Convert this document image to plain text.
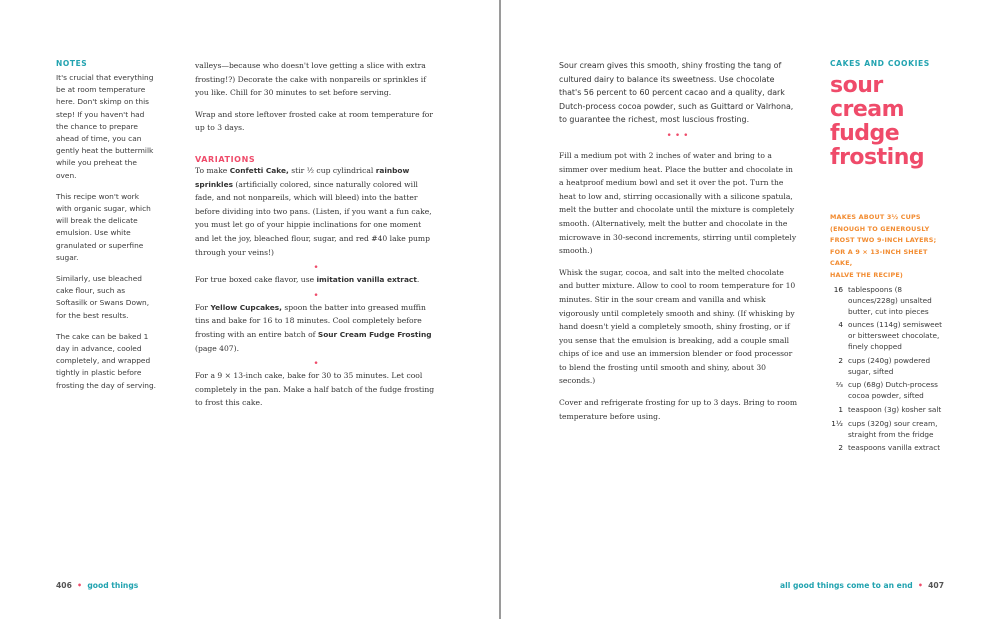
NOTES

It's crucial that everything be at room temperature here. Don't skimp on this step! If you haven't had the chance to prepare ahead of time, you can gently heat the buttermilk while you preheat the oven.

This recipe won't work with organic sugar, which will break the delicate emulsion. Use white granulated or superfine sugar.

Similarly, use bleached cake flour, such as Softasilk or Swans Down, for the best results.

The cake can be baked 1 day in advance, cooled completely, and wrapped tightly in plastic before frosting the day of serving.

valleys—because who doesn't love getting a slice with extra frosting!?) Decorate the cake with nonpareils or sprinkles if you like. Chill for 30 minutes to set before serving.

Wrap and store leftover frosted cake at room temperature for up to 3 days.

VARIATIONS

To make Confetti Cake, stir ½ cup cylindrical rainbow sprinkles (artificially colored, since naturally colored will fade, and not nonpareils, which will bleed) into the batter before dividing into two pans. (Listen, if you want a fun cake, you must let go of your hippie inclinations for one moment and let the joy, bleached flour, sugar, and red #40 lake pump through your veins!)

•

For true boxed cake flavor, use imitation vanilla extract.

•

For Yellow Cupcakes, spoon the batter into greased muffin tins and bake for 16 to 18 minutes. Cool completely before frosting with an entire batch of Sour Cream Fudge Frosting (page 407).

•

For a 9 × 13-inch cake, bake for 30 to 35 minutes. Let cool completely in the pan. Make a half batch of the fudge frosting to frost this cake.

406  •  good things

Sour cream gives this smooth, shiny frosting the tang of cultured dairy to balance its sweetness. Use chocolate that's 56 percent to 60 percent cacao and a quality, dark Dutch-process cocoa powder, such as Guittard or Valrhona, to guarantee the richest, most luscious frosting.

•••

Fill a medium pot with 2 inches of water and bring to a simmer over medium heat. Place the butter and chocolate in a heatproof medium bowl and set it over the pot. Turn the heat to low and, stirring occasionally with a silicone spatula, melt the butter and chocolate until the mixture is completely smooth. (Alternatively, melt the butter and chocolate in the microwave in 30-second increments, stirring until completely smooth.)

Whisk the sugar, cocoa, and salt into the melted chocolate and butter mixture. Allow to cool to room temperature for 10 minutes. Stir in the sour cream and vanilla and whisk vigorously until completely smooth and shiny. (If whisking by hand doesn't yield a completely smooth, shiny frosting, or if you sense that the emulsion is breaking, add a couple small chips of ice and use an immersion blender or food processor to blend the frosting until smooth and shiny, about 30 seconds.)

Cover and refrigerate frosting for up to 3 days. Bring to room temperature before using.

CAKES AND COOKIES
sour cream
fudge
frosting
MAKES ABOUT 3½ CUPS
(ENOUGH TO GENEROUSLY
FROST TWO 9-INCH LAYERS;
FOR A 9 × 13-INCH SHEET CAKE,
HALVE THE RECIPE)
16 tablespoons (8 ounces/228g) unsalted butter, cut into pieces
4 ounces (114g) semisweet or bittersweet chocolate, finely chopped
2 cups (240g) powdered sugar, sifted
⅔ cup (68g) Dutch-process cocoa powder, sifted
1 teaspoon (3g) kosher salt
1½ cups (320g) sour cream, straight from the fridge
2 teaspoons vanilla extract
all good things come to an end  •  407
